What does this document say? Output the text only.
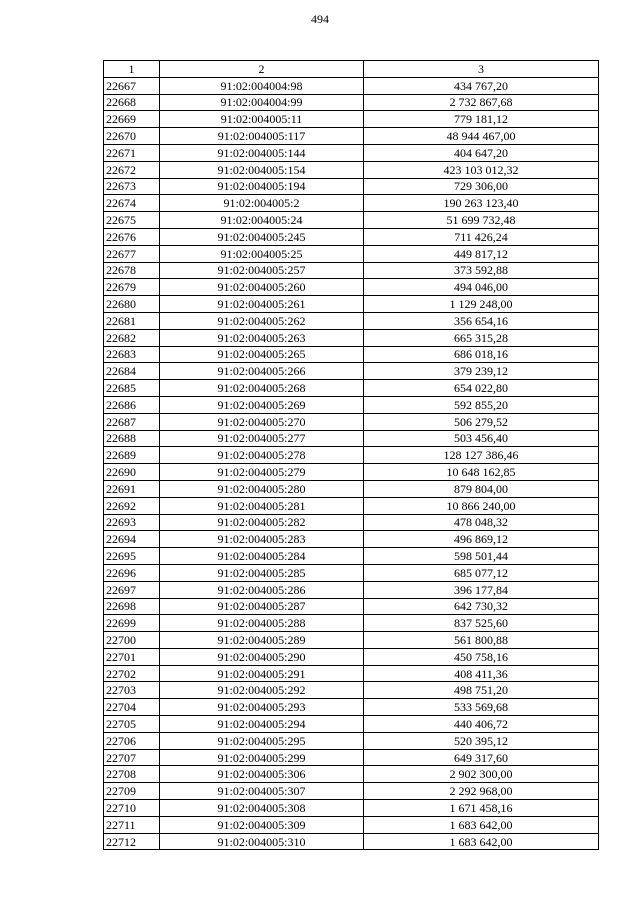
494
1	2	3
22667	91:02:004004:98	434 767,20
22668	91:02:004004:99	2 732 867,68
22669	91:02:004005:11	779 181,12
22670	91:02:004005:117	48 944 467,00
22671	91:02:004005:144	404 647,20
22672	91:02:004005:154	423 103 012,32
22673	91:02:004005:194	729 306,00
22674	91:02:004005:2	190 263 123,40
22675	91:02:004005:24	51 699 732,48
22676	91:02:004005:245	711 426,24
22677	91:02:004005:25	449 817,12
22678	91:02:004005:257	373 592,88
22679	91:02:004005:260	494 046,00
22680	91:02:004005:261	1 129 248,00
22681	91:02:004005:262	356 654,16
22682	91:02:004005:263	665 315,28
22683	91:02:004005:265	686 018,16
22684	91:02:004005:266	379 239,12
22685	91:02:004005:268	654 022,80
22686	91:02:004005:269	592 855,20
22687	91:02:004005:270	506 279,52
22688	91:02:004005:277	503 456,40
22689	91:02:004005:278	128 127 386,46
22690	91:02:004005:279	10 648 162,85
22691	91:02:004005:280	879 804,00
22692	91:02:004005:281	10 866 240,00
22693	91:02:004005:282	478 048,32
22694	91:02:004005:283	496 869,12
22695	91:02:004005:284	598 501,44
22696	91:02:004005:285	685 077,12
22697	91:02:004005:286	396 177,84
22698	91:02:004005:287	642 730,32
22699	91:02:004005:288	837 525,60
22700	91:02:004005:289	561 800,88
22701	91:02:004005:290	450 758,16
22702	91:02:004005:291	408 411,36
22703	91:02:004005:292	498 751,20
22704	91:02:004005:293	533 569,68
22705	91:02:004005:294	440 406,72
22706	91:02:004005:295	520 395,12
22707	91:02:004005:299	649 317,60
22708	91:02:004005:306	2 902 300,00
22709	91:02:004005:307	2 292 968,00
22710	91:02:004005:308	1 671 458,16
22711	91:02:004005:309	1 683 642,00
22712	91:02:004005:310	1 683 642,00
